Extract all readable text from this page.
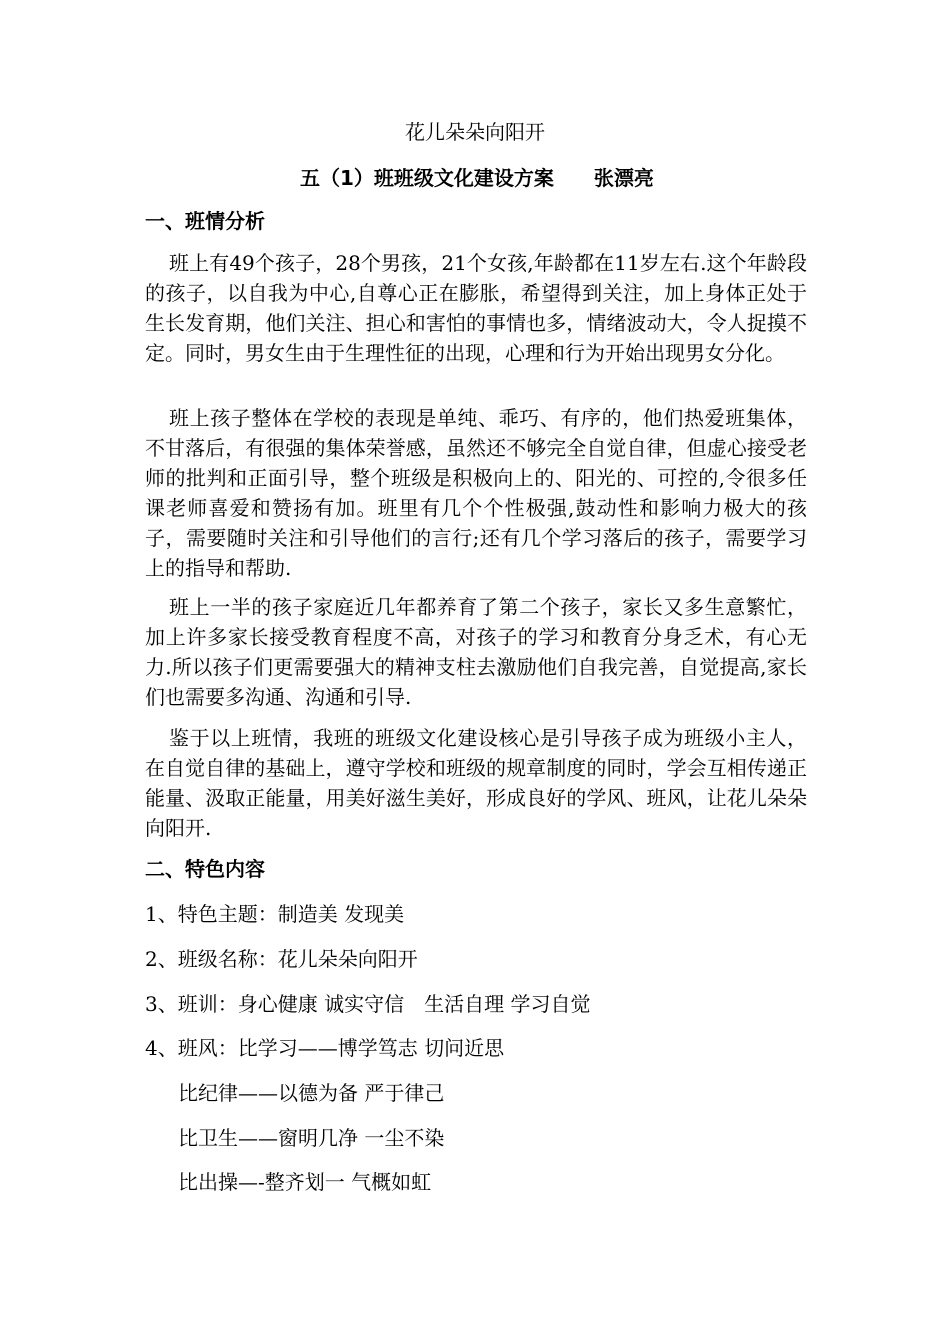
花儿朵朵向阳开
五（1）班班级文化建设方案 张漂亮
一、班情分析
班上有49个孩子，28个男孩，21个女孩,年龄都在11岁左右.这个年龄段的孩子，以自我为中心,自尊心正在膨胀，希望得到关注，加上身体正处于生长发育期，他们关注、担心和害怕的事情也多，情绪波动大，令人捉摸不定。同时，男女生由于生理性征的出现，心理和行为开始出现男女分化。
班上孩子整体在学校的表现是单纯、乖巧、有序的，他们热爱班集体，不甘落后，有很强的集体荣誉感，虽然还不够完全自觉自律，但虚心接受老师的批判和正面引导，整个班级是积极向上的、阳光的、可控的,令很多任课老师喜爱和赞扬有加。班里有几个个性极强,鼓动性和影响力极大的孩子，需要随时关注和引导他们的言行;还有几个学习落后的孩子，需要学习上的指导和帮助.
班上一半的孩子家庭近几年都养育了第二个孩子，家长又多生意繁忙，加上许多家长接受教育程度不高，对孩子的学习和教育分身乏术，有心无力.所以孩子们更需要强大的精神支柱去激励他们自我完善，自觉提高,家长们也需要多沟通、沟通和引导.
鉴于以上班情，我班的班级文化建设核心是引导孩子成为班级小主人，在自觉自律的基础上，遵守学校和班级的规章制度的同时，学会互相传递正能量、汲取正能量，用美好滋生美好，形成良好的学风、班风，让花儿朵朵向阳开.
二、特色内容
1、特色主题：制造美 发现美
2、班级名称：花儿朵朵向阳开
3、班训：身心健康 诚实守信　生活自理 学习自觉
4、班风：比学习——博学笃志 切问近思
比纪律——以德为备 严于律己
比卫生——窗明几净 一尘不染
比出操—-整齐划一 气概如虹
